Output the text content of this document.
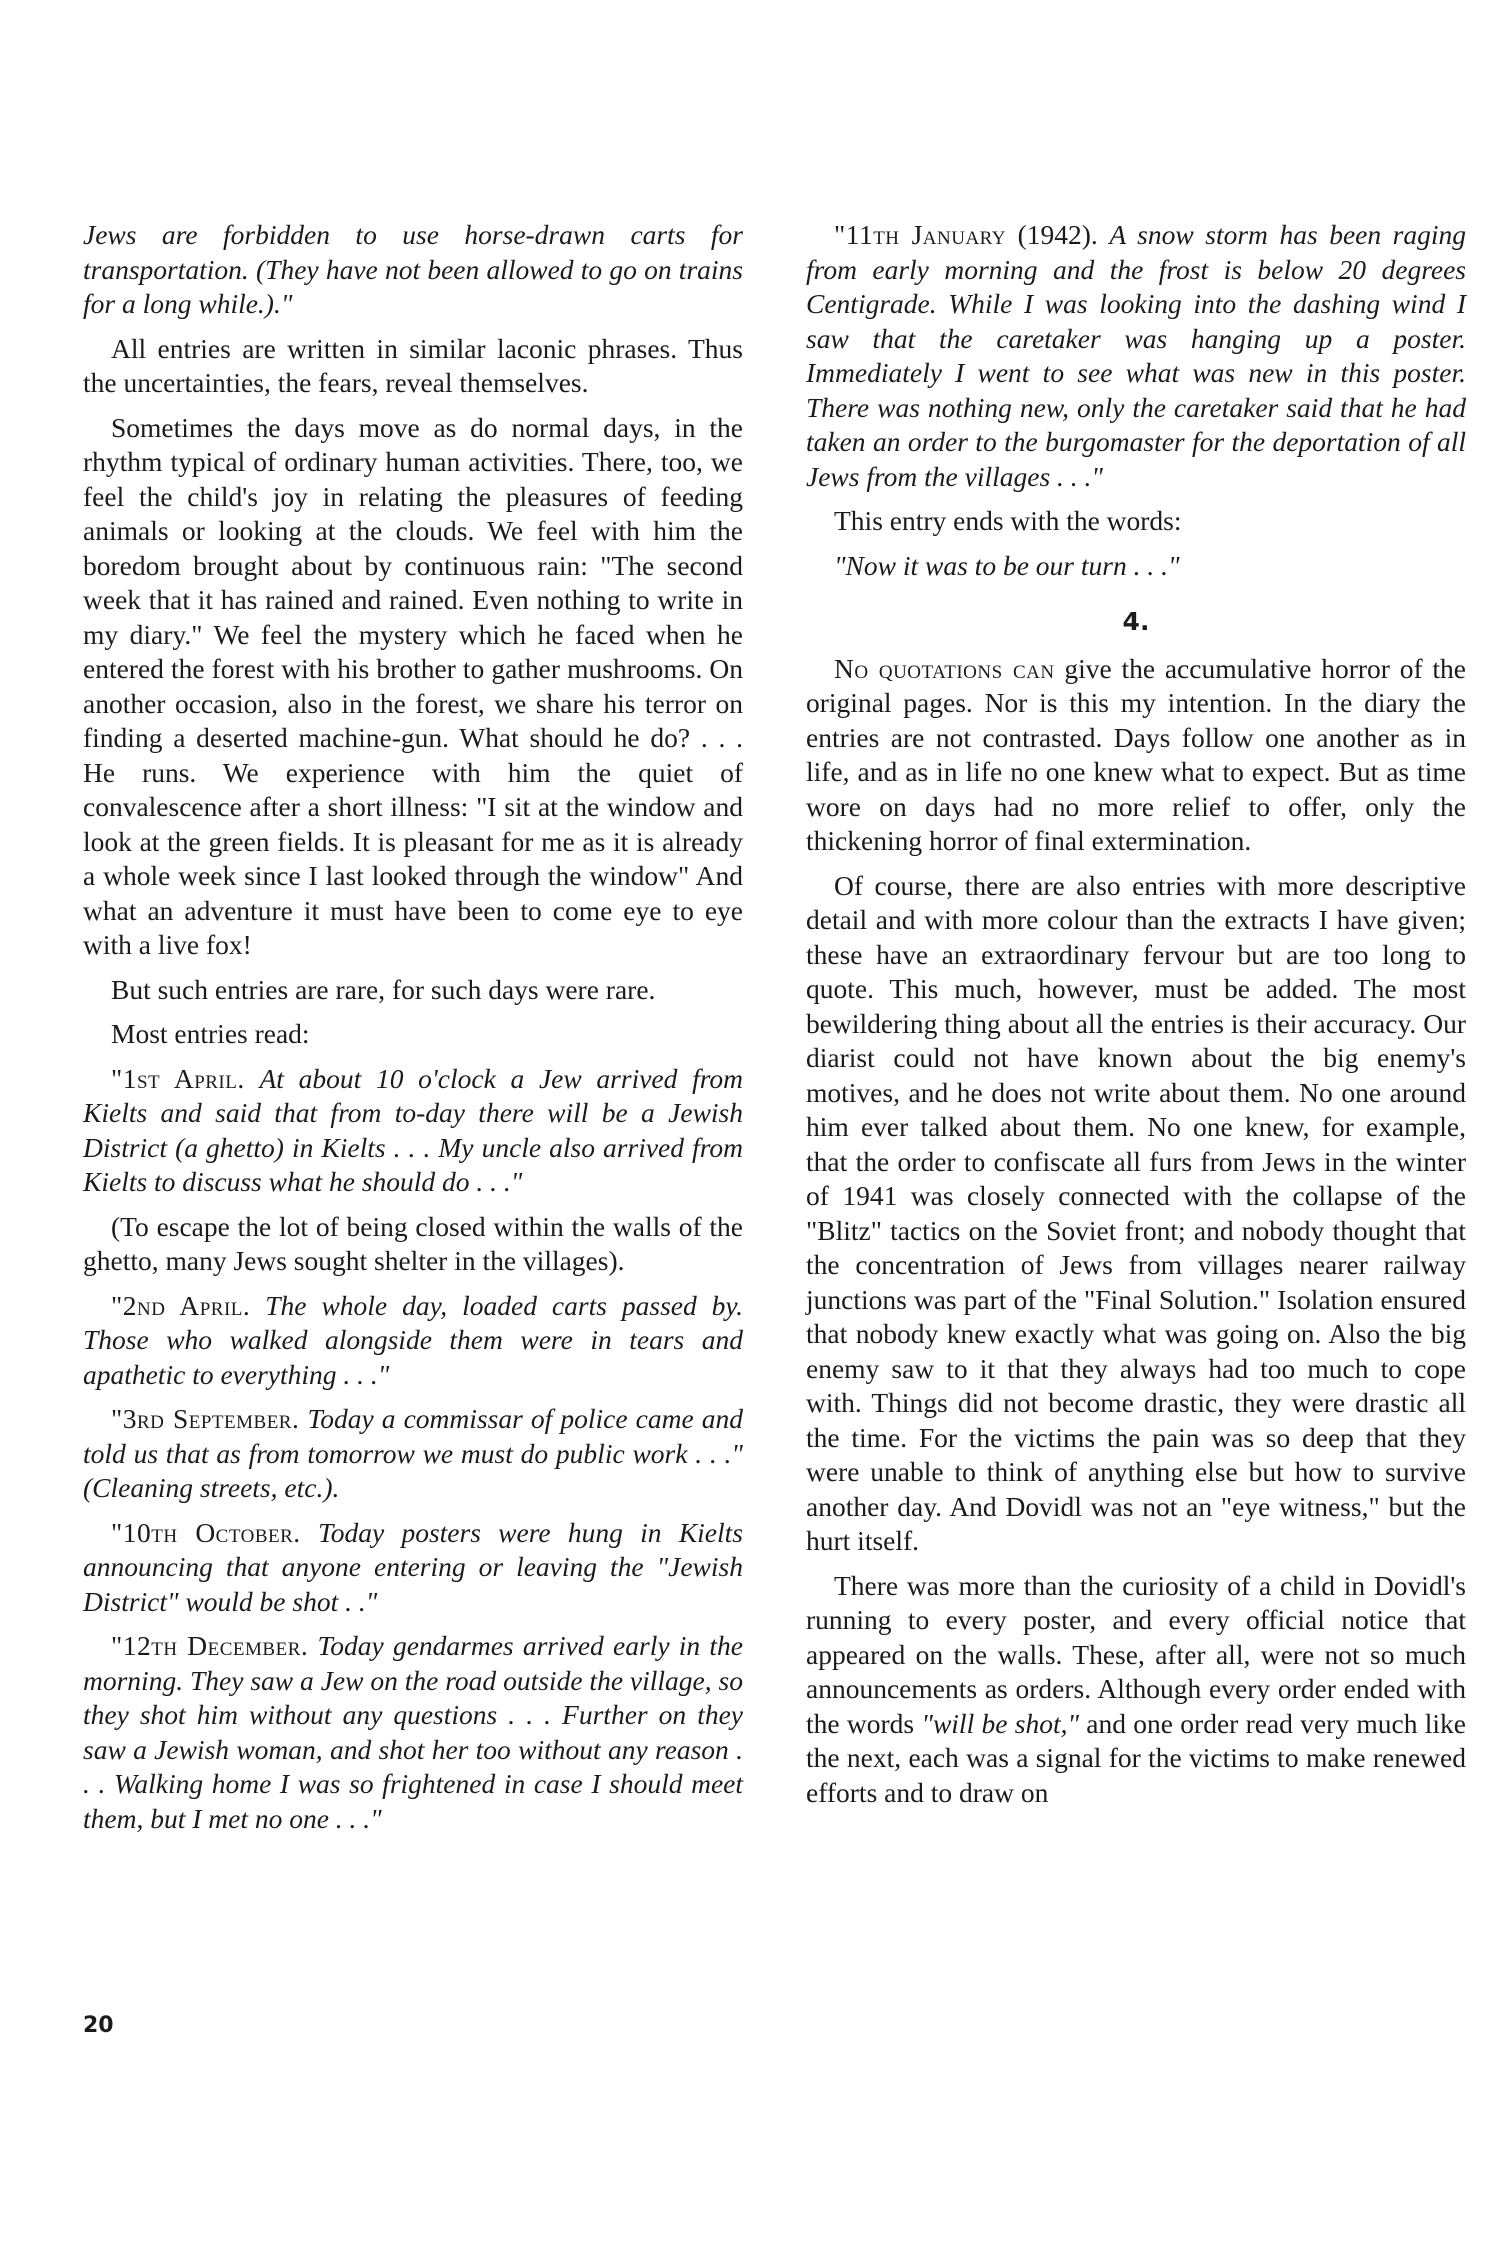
Jews are forbidden to use horse-drawn carts for transportation. (They have not been allowed to go on trains for a long while.)."

All entries are written in similar laconic phrases. Thus the uncertainties, the fears, reveal themselves.

Sometimes the days move as do normal days, in the rhythm typical of ordinary human activities. There, too, we feel the child's joy in relating the pleasures of feeding animals or looking at the clouds. We feel with him the boredom brought about by continuous rain: "The second week that it has rained and rained. Even nothing to write in my diary." We feel the mystery which he faced when he entered the forest with his brother to gather mushrooms. On another occasion, also in the forest, we share his terror on finding a deserted machine-gun. What should he do? . . . He runs. We experience with him the quiet of convalescence after a short illness: "I sit at the window and look at the green fields. It is pleasant for me as it is already a whole week since I last looked through the window" And what an adventure it must have been to come eye to eye with a live fox!

But such entries are rare, for such days were rare.

Most entries read:

"1st April. At about 10 o'clock a Jew arrived from Kielts and said that from to-day there will be a Jewish District (a ghetto) in Kielts . . . My uncle also arrived from Kielts to discuss what he should do . . ."

(To escape the lot of being closed within the walls of the ghetto, many Jews sought shelter in the villages).

"2nd April. The whole day, loaded carts passed by. Those who walked alongside them were in tears and apathetic to everything . . ."

"3rd September. Today a commissar of police came and told us that as from tomorrow we must do public work . . ." (Cleaning streets, etc.).

"10th October. Today posters were hung in Kielts announcing that anyone entering or leaving the "Jewish District" would be shot . ."

"12th December. Today gendarmes arrived early in the morning. They saw a Jew on the road outside the village, so they shot him without any questions . . . Further on they saw a Jewish woman, and shot her too without any reason . . . Walking home I was so frightened in case I should meet them, but I met no one . . ."

"11th January (1942). A snow storm has been raging from early morning and the frost is below 20 degrees Centigrade. While I was looking into the dashing wind I saw that the caretaker was hanging up a poster. Immediately I went to see what was new in this poster. There was nothing new, only the caretaker said that he had taken an order to the burgomaster for the deportation of all Jews from the villages . . ."

This entry ends with the words:

"Now it was to be our turn . . ."

4.

No quotations can give the accumulative horror of the original pages. Nor is this my intention. In the diary the entries are not contrasted. Days follow one another as in life, and as in life no one knew what to expect. But as time wore on days had no more relief to offer, only the thickening horror of final extermination.

Of course, there are also entries with more descriptive detail and with more colour than the extracts I have given; these have an extraordinary fervour but are too long to quote. This much, however, must be added. The most bewildering thing about all the entries is their accuracy. Our diarist could not have known about the big enemy's motives, and he does not write about them. No one around him ever talked about them. No one knew, for example, that the order to confiscate all furs from Jews in the winter of 1941 was closely connected with the collapse of the "Blitz" tactics on the Soviet front; and nobody thought that the concentration of Jews from villages nearer railway junctions was part of the "Final Solution." Isolation ensured that nobody knew exactly what was going on. Also the big enemy saw to it that they always had too much to cope with. Things did not become drastic, they were drastic all the time. For the victims the pain was so deep that they were unable to think of anything else but how to survive another day. And Dovidl was not an "eye witness," but the hurt itself.

There was more than the curiosity of a child in Dovidl's running to every poster, and every official notice that appeared on the walls. These, after all, were not so much announcements as orders. Although every order ended with the words "will be shot," and one order read very much like the next, each was a signal for the victims to make renewed efforts and to draw on

20
